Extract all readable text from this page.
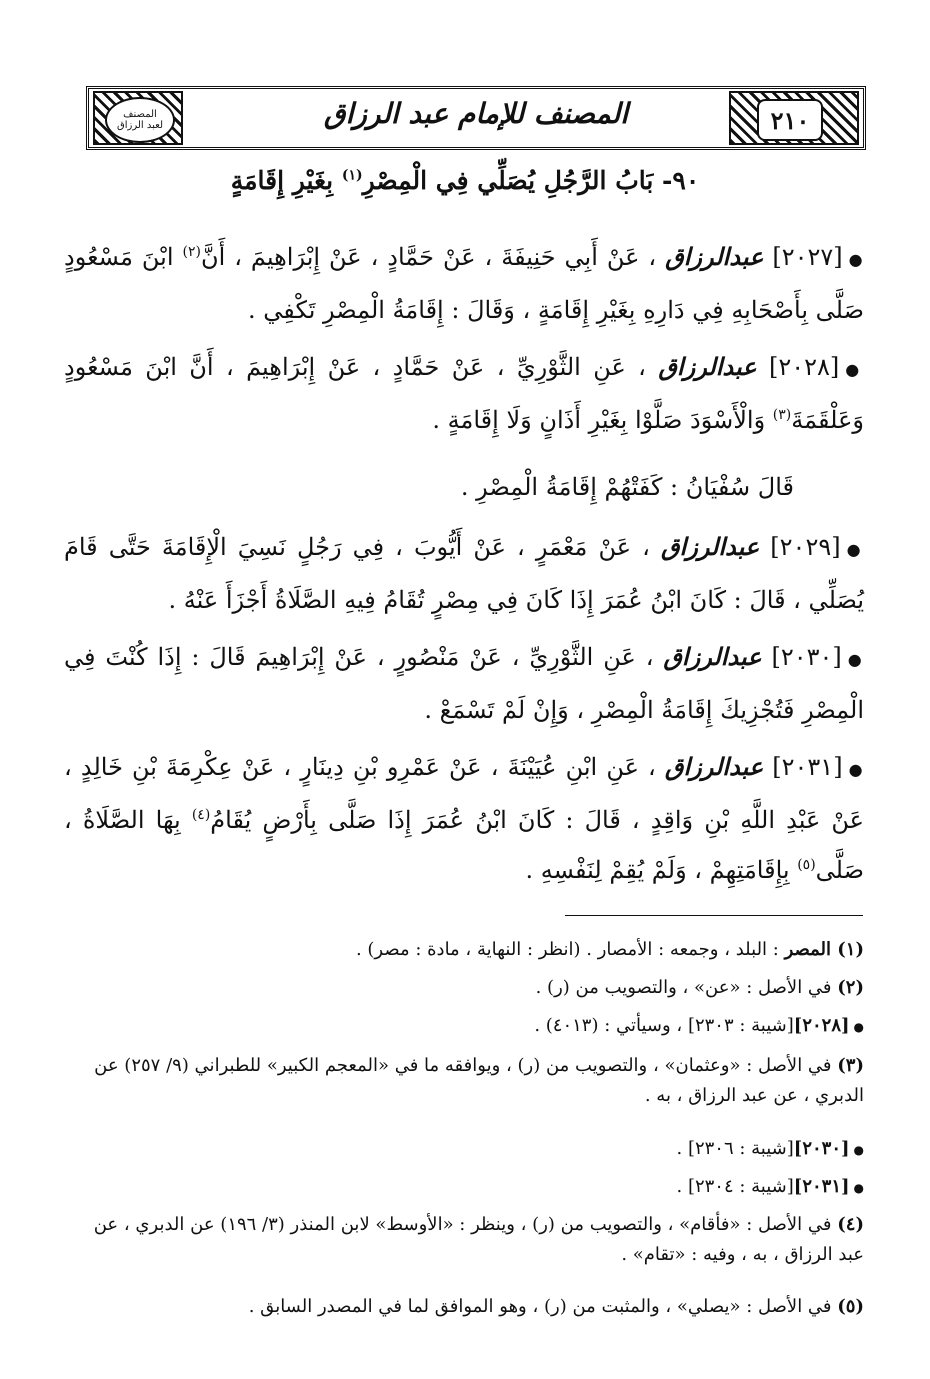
٢١٠
المصنف للإمام عبد الرزاق
المصنف
لعبد الرزاق
٩٠- بَابُ الرَّجُلِ يُصَلِّي فِي الْمِصْرِ$^{(١)}$ بِغَيْرِ إِقَامَةٍ
●[٢٠٢٧] عبدالرزاق ، عَنْ أَبِي حَنِيفَةَ ، عَنْ حَمَّادٍ ، عَنْ إِبْرَاهِيمَ ، أَنَّ$^{(٢)}$ ابْنَ مَسْعُودٍ صَلَّى بِأَصْحَابِهِ فِي دَارِهِ بِغَيْرِ إِقَامَةٍ ، وَقَالَ : إِقَامَةُ الْمِصْرِ تَكْفِي .
●[٢٠٢٨] عبدالرزاق ، عَنِ الثَّوْرِيِّ ، عَنْ حَمَّادٍ ، عَنْ إِبْرَاهِيمَ ، أَنَّ ابْنَ مَسْعُودٍ وَعَلْقَمَةَ$^{(٣)}$ وَالْأَسْوَدَ صَلَّوْا بِغَيْرِ أَذَانٍ وَلَا إِقَامَةٍ .
قَالَ سُفْيَانُ : كَفَتْهُمْ إِقَامَةُ الْمِصْرِ .
●[٢٠٢٩] عبدالرزاق ، عَنْ مَعْمَرٍ ، عَنْ أَيُّوبَ ، فِي رَجُلٍ نَسِيَ الْإِقَامَةَ حَتَّى قَامَ يُصَلِّي ، قَالَ : كَانَ ابْنُ عُمَرَ إِذَا كَانَ فِي مِصْرٍ تُقَامُ فِيهِ الصَّلَاةُ أَجْزَأَ عَنْهُ .
●[٢٠٣٠] عبدالرزاق ، عَنِ الثَّوْرِيِّ ، عَنْ مَنْصُورٍ ، عَنْ إِبْرَاهِيمَ قَالَ : إِذَا كُنْتَ فِي الْمِصْرِ فَتُجْزِيكَ إِقَامَةُ الْمِصْرِ ، وَإِنْ لَمْ تَسْمَعْ .
●[٢٠٣١] عبدالرزاق ، عَنِ ابْنِ عُيَيْنَةَ ، عَنْ عَمْرِو بْنِ دِينَارٍ ، عَنْ عِكْرِمَةَ بْنِ خَالِدٍ ، عَنْ عَبْدِ اللَّهِ بْنِ وَاقِدٍ ، قَالَ : كَانَ ابْنُ عُمَرَ إِذَا صَلَّى بِأَرْضٍ يُقَامُ$^{(٤)}$ بِهَا الصَّلَاةُ ، صَلَّى$^{(٥)}$ بِإِقَامَتِهِمْ ، وَلَمْ يُقِمْ لِنَفْسِهِ .
(١) المصر : البلد ، وجمعه : الأمصار . (انظر : النهاية ، مادة : مصر) .
(٢) في الأصل : «عن» ، والتصويب من (ر) .
●[٢٠٢٨][شيبة : ٢٣٠٣] ، وسيأتي : (٤٠١٣) .
(٣) في الأصل : «وعثمان» ، والتصويب من (ر) ، ويوافقه ما في «المعجم الكبير» للطبراني (٩/ ٢٥٧) عن الدبري ، عن عبد الرزاق ، به .
●[٢٠٣٠][شيبة : ٢٣٠٦] .
●[٢٠٣١][شيبة : ٢٣٠٤] .
(٤) في الأصل : «فأقام» ، والتصويب من (ر) ، وينظر : «الأوسط» لابن المنذر (٣/ ١٩٦) عن الدبري ، عن عبد الرزاق ، به ، وفيه : «تقام» .
(٥) في الأصل : «يصلي» ، والمثبت من (ر) ، وهو الموافق لما في المصدر السابق .
